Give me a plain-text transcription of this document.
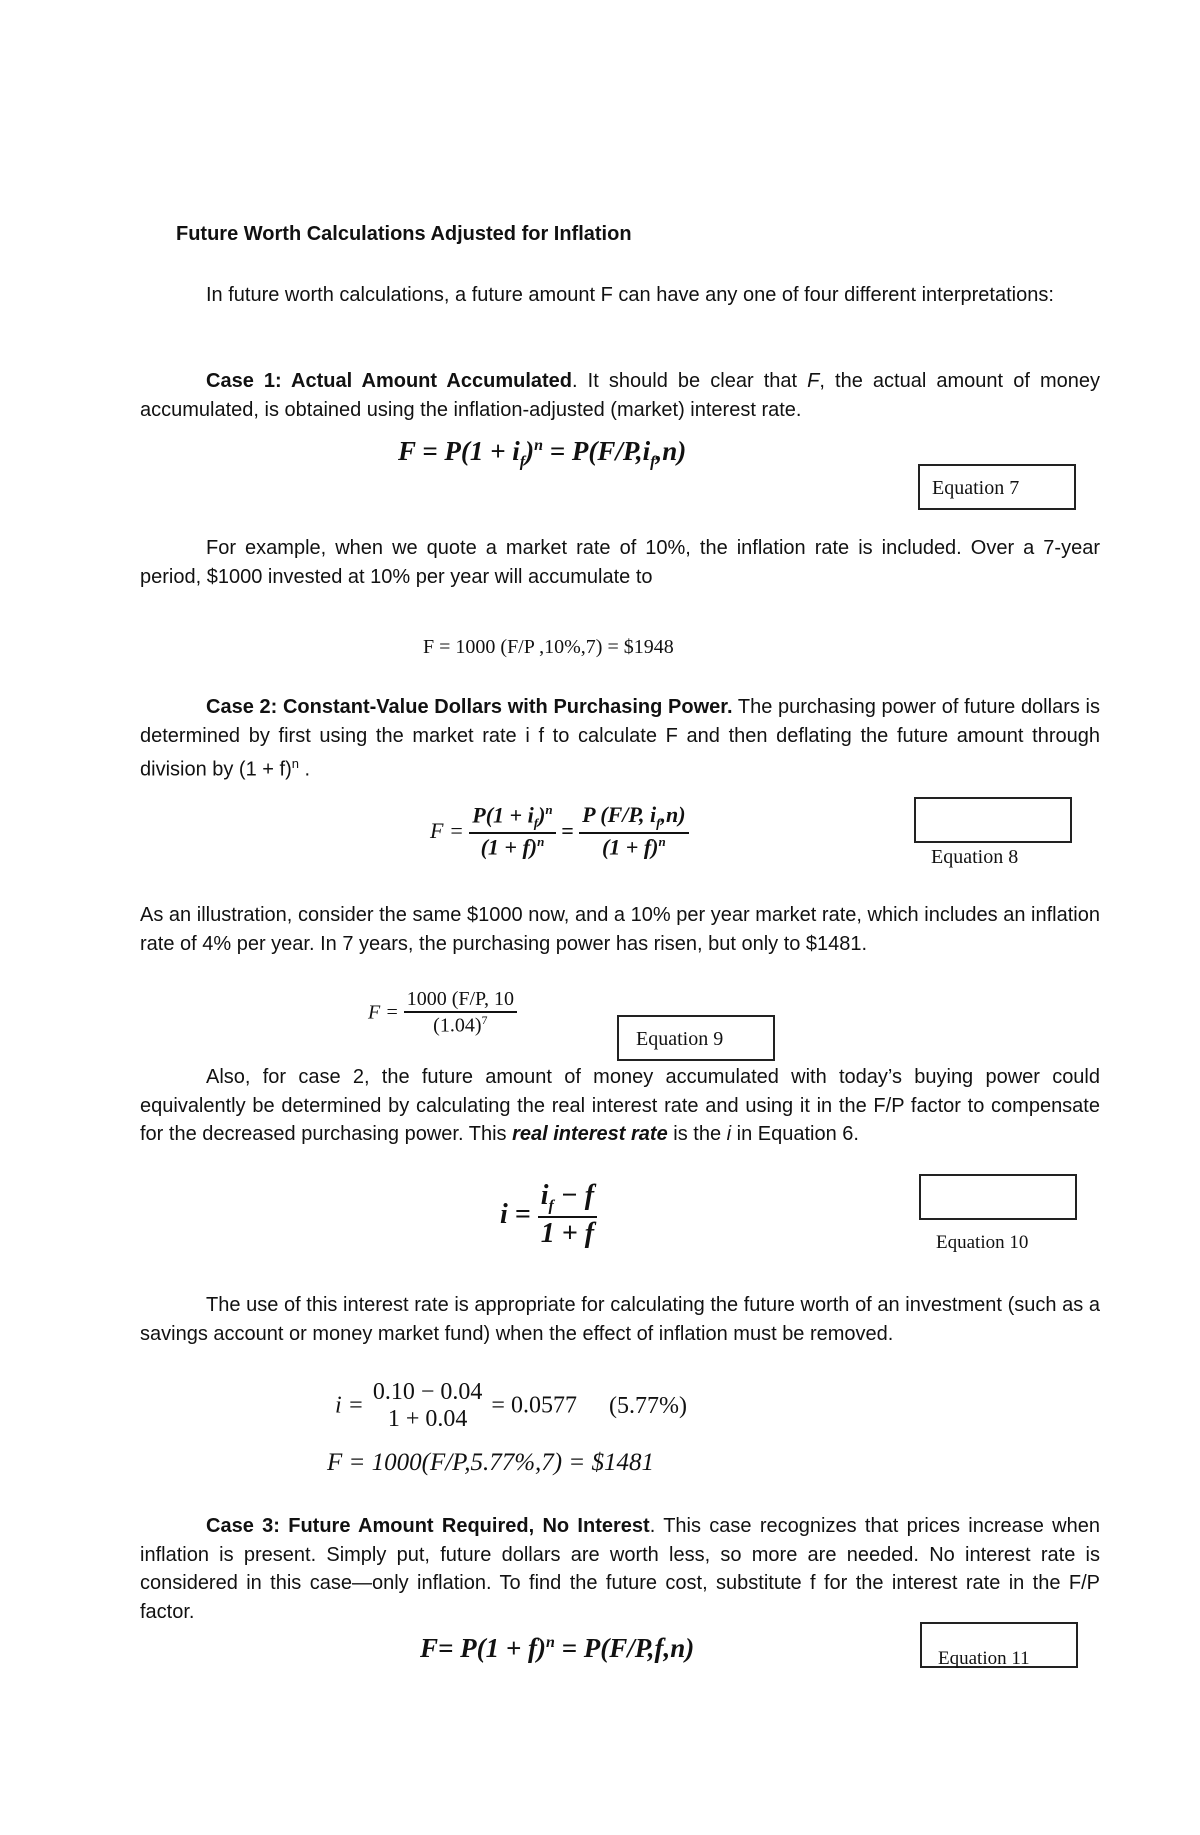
Future Worth Calculations Adjusted for Inflation

In future worth calculations, a future amount F can have any one of four different interpretations:

Case 1: Actual Amount Accumulated. It should be clear that F, the actual amount of money accumulated, is obtained using the inflation-adjusted (market) interest rate.

$F = P(1 + i_f)^n = P(F/P,i_f,n)$
Equation 7

For example, when we quote a market rate of 10%, the inflation rate is included. Over a 7-year period, $1000 invested at 10% per year will accumulate to

F = 1000 (F/P ,10%,7) = $1948

Case 2: Constant-Value Dollars with Purchasing Power. The purchasing power of future dollars is determined by first using the market rate i f to calculate F and then deflating the future amount through division by $(1 + f)^n$ .

$F = \frac{P(1 + i_f)^n}{(1 + f)^n} = \frac{P (F/P, i_f,n)}{(1 + f)^n}$	Equation 8

As an illustration, consider the same $1000 now, and a 10% per year market rate, which includes an inflation rate of 4% per year. In 7 years, the purchasing power has risen, but only to $1481.

$F = \frac{1000 (F/P, 10}{(1.04)^7}$
Equation 9

Also, for case 2, the future amount of money accumulated with today’s buying power could equivalently be determined by calculating the real interest rate and using it in the F/P factor to compensate for the decreased purchasing power. This real interest rate is the i in Equation 6.

$i = \frac{i_f - f}{1 + f}$	Equation 10

The use of this interest rate is appropriate for calculating the future worth of an investment (such as a savings account or money market fund) when the effect of inflation must be removed.

i =
0.10 − 0.04
1 + 0.04
= 0.0577 (5.77%)
F = 1000(F/P,5.77%,7) = $1481

Case 3: Future Amount Required, No Interest. This case recognizes that prices increase when inflation is present. Simply put, future dollars are worth less, so more are needed. No interest rate is considered in this case—only inflation. To find the future cost, substitute f for the interest rate in the F/P factor.

$F= P(1 + f)^n = P(F/P,f,n)$	Equation 11
